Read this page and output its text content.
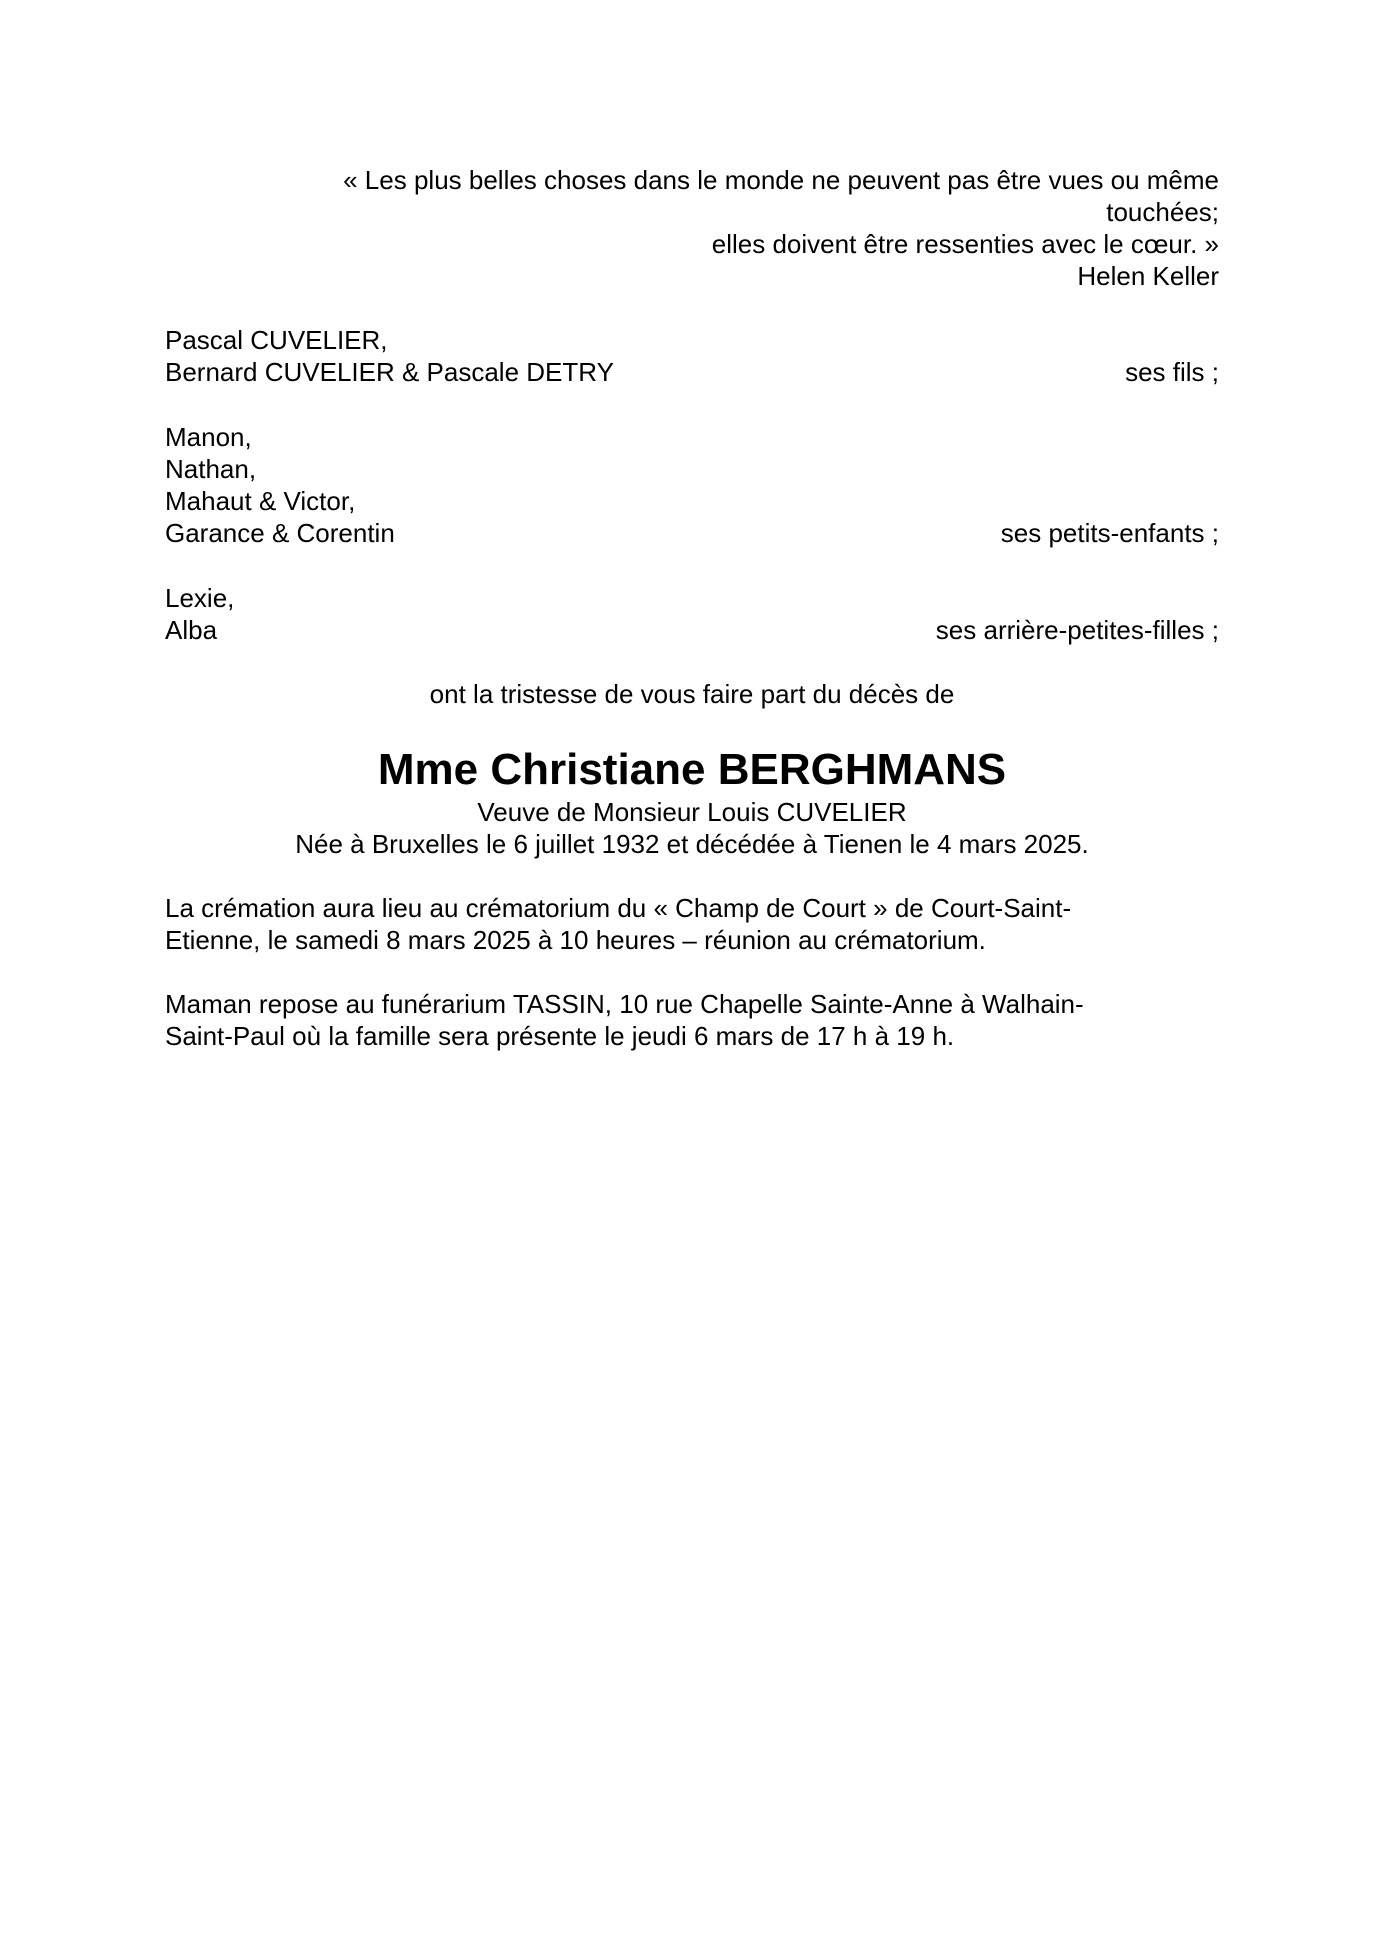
« Les plus belles choses dans le monde ne peuvent pas être vues ou même
touchées;
elles doivent être ressenties avec le cœur. »
Helen Keller
Pascal CUVELIER,
Bernard CUVELIER & Pascale DETRY	ses fils ;
Manon,
Nathan,
Mahaut & Victor,
Garance & Corentin	ses petits-enfants ;
Lexie,
Alba	ses arrière-petites-filles ;
ont la tristesse de vous faire part du décès de
Mme Christiane BERGHMANS
Veuve de Monsieur Louis CUVELIER
Née à Bruxelles le 6 juillet 1932 et décédée à Tienen le 4 mars 2025.
La crémation aura lieu au crématorium du « Champ de Court » de Court-Saint-
Etienne, le samedi 8 mars 2025 à 10 heures – réunion au crématorium.
Maman repose au funérarium TASSIN, 10 rue Chapelle Sainte-Anne à Walhain-
Saint-Paul où la famille sera présente le jeudi 6 mars de 17 h à 19 h.
